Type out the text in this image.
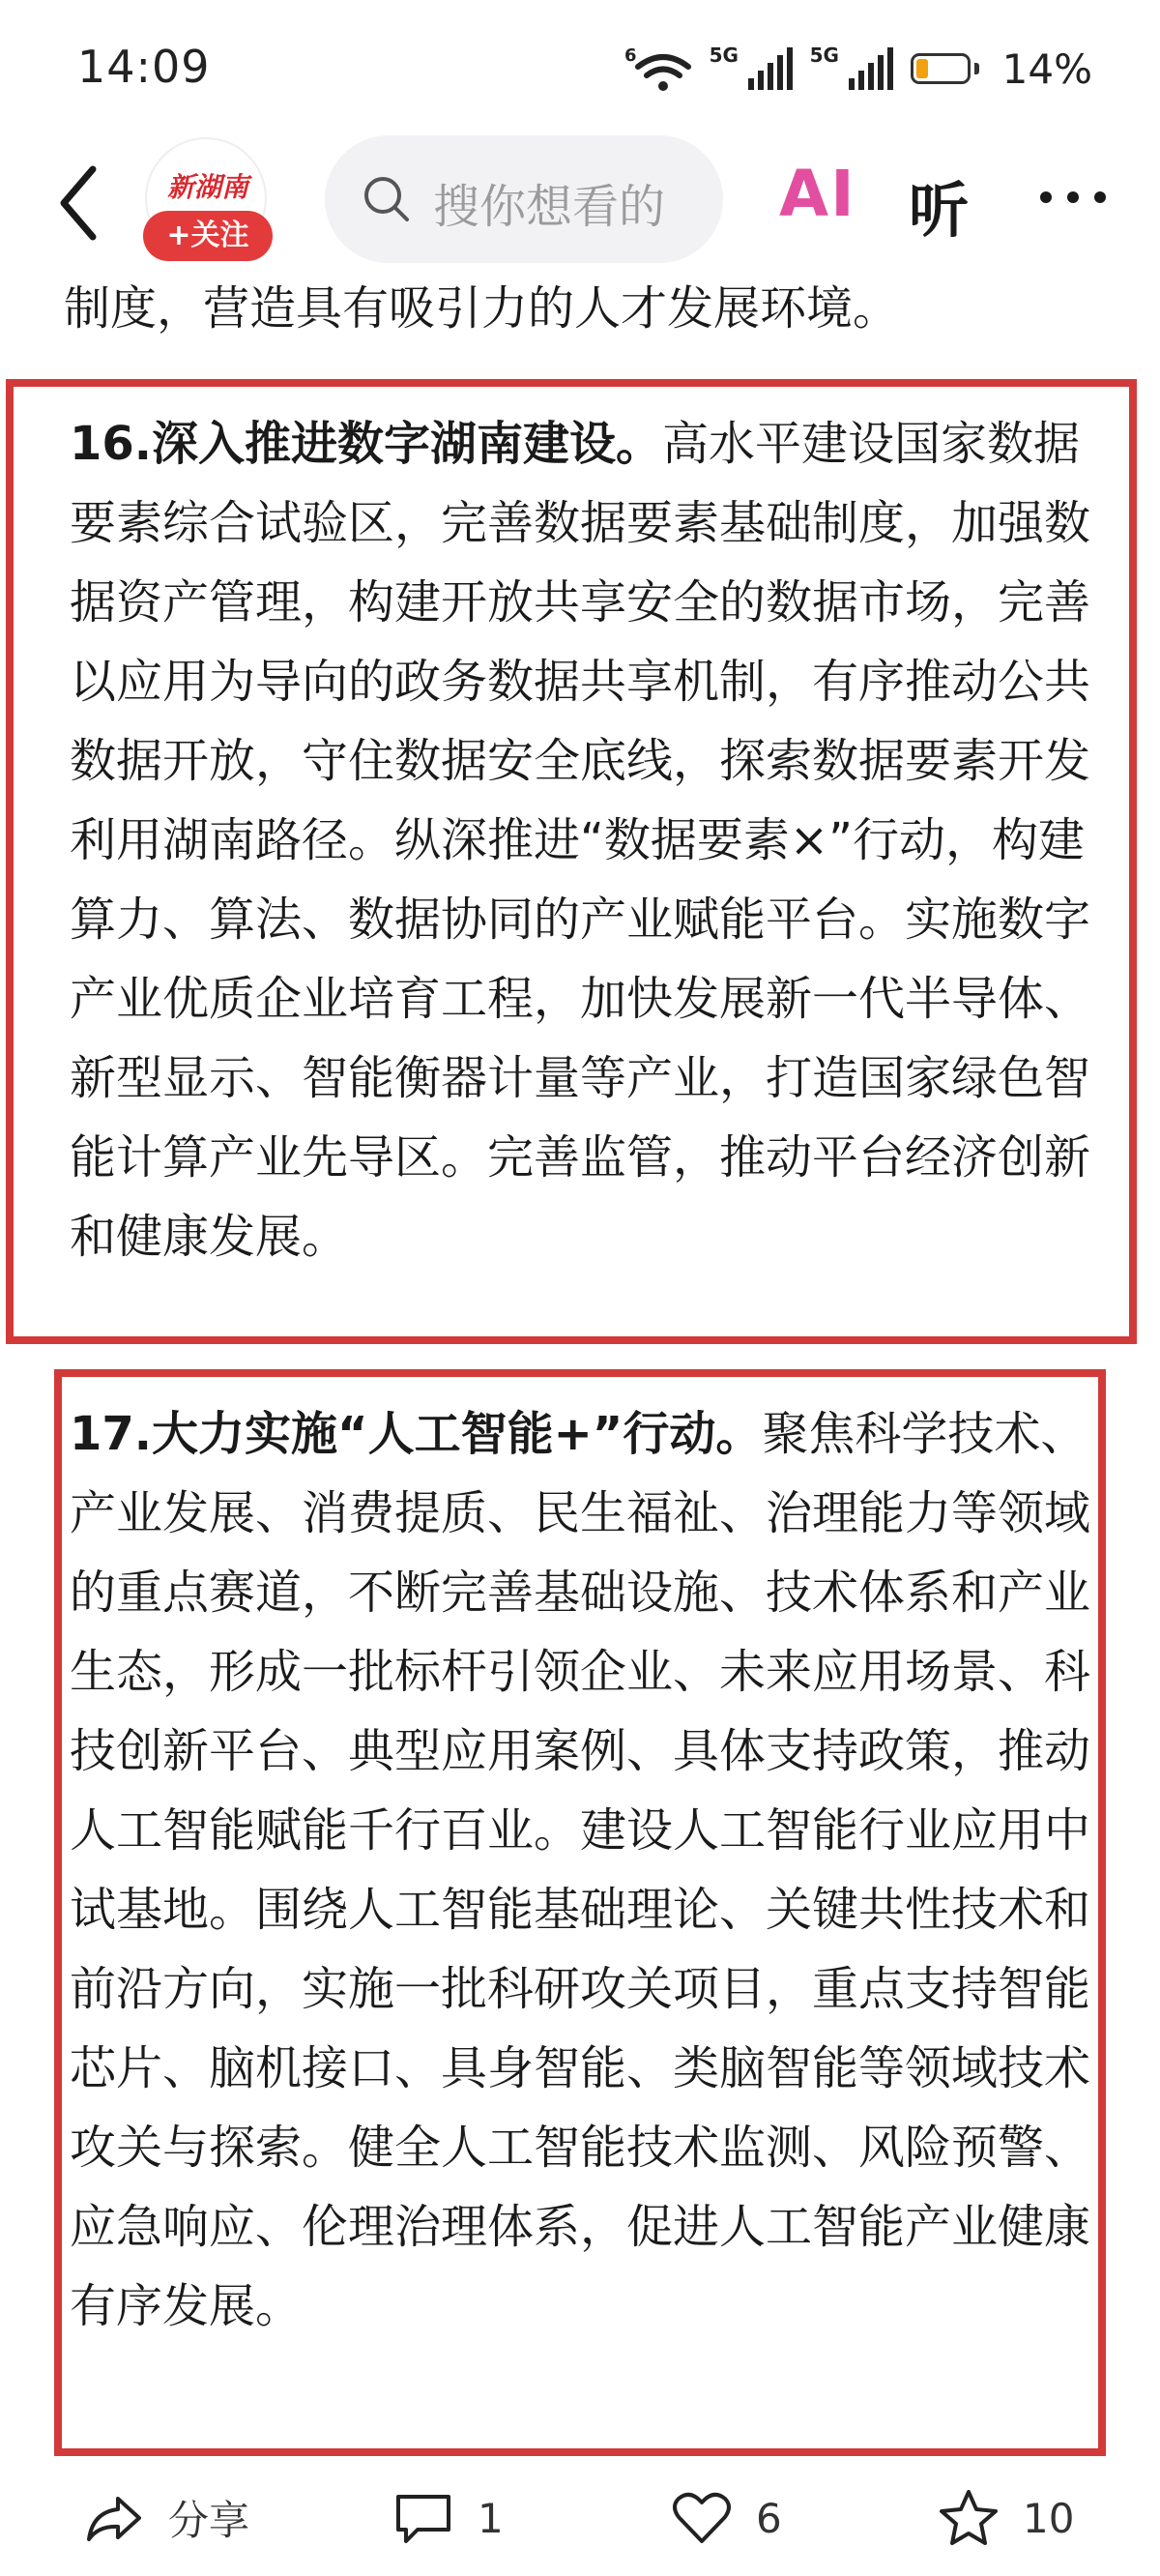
14:09	6	5G	5G	14%
新湖南
+关注
搜你想看的	AI 听

制度，营造具有吸引力的人才发展环境。

16.深入推进数字湖南建设。高水平建设国家数据要素综合试验区，完善数据要素基础制度，加强数据资产管理，构建开放共享安全的数据市场，完善以应用为导向的政务数据共享机制，有序推动公共数据开放，守住数据安全底线，探索数据要素开发利用湖南路径。纵深推进“数据要素×”行动，构建算力、算法、数据协同的产业赋能平台。实施数字产业优质企业培育工程，加快发展新一代半导体、新型显示、智能衡器计量等产业，打造国家绿色智能计算产业先导区。完善监管，推动平台经济创新和健康发展。

17.大力实施“人工智能+”行动。聚焦科学技术、产业发展、消费提质、民生福祉、治理能力等领域的重点赛道，不断完善基础设施、技术体系和产业生态，形成一批标杆引领企业、未来应用场景、科技创新平台、典型应用案例、具体支持政策，推动人工智能赋能千行百业。建设人工智能行业应用中试基地。围绕人工智能基础理论、关键共性技术和前沿方向，实施一批科研攻关项目，重点支持智能芯片、脑机接口、具身智能、类脑智能等领域技术攻关与探索。健全人工智能技术监测、风险预警、应急响应、伦理治理体系，促进人工智能产业健康有序发展。

分享	1	6	10
